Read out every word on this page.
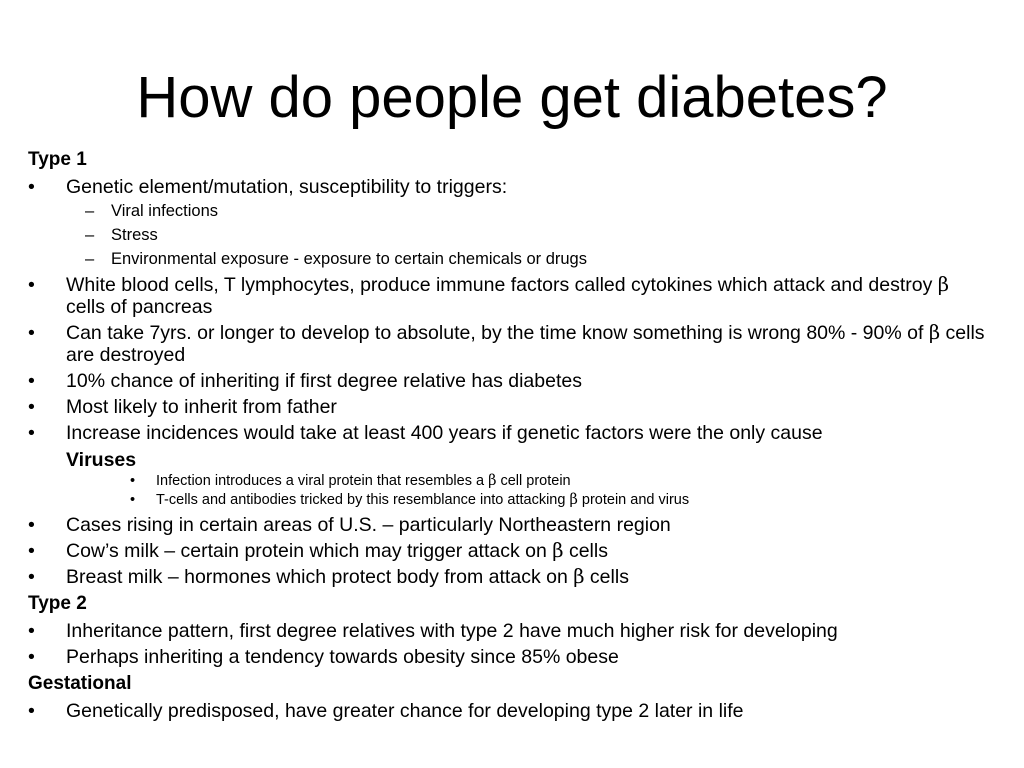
How do people get diabetes?
Type 1
• Genetic element/mutation, susceptibility to triggers:
– Viral infections
– Stress
– Environmental exposure - exposure to certain chemicals or drugs
• White blood cells, T lymphocytes, produce immune factors called cytokines which attack and destroy β cells of pancreas
• Can take 7yrs. or longer to develop to absolute, by the time know something is wrong 80% - 90% of β cells are destroyed
• 10% chance of inheriting if first degree relative has diabetes
• Most likely to inherit from father
• Increase incidences would take at least 400 years if genetic factors were the only cause
Viruses
• Infection introduces a viral protein that resembles a β cell protein
• T-cells and antibodies tricked by this resemblance into attacking β protein and virus
• Cases rising in certain areas of U.S. – particularly Northeastern region
• Cow’s milk – certain protein which may trigger attack on β cells
• Breast milk – hormones which protect body from attack on β cells
Type 2
• Inheritance pattern, first degree relatives with type 2 have much higher risk for developing
• Perhaps inheriting a tendency towards obesity since 85% obese
Gestational
• Genetically predisposed, have greater chance for developing type 2 later in life
